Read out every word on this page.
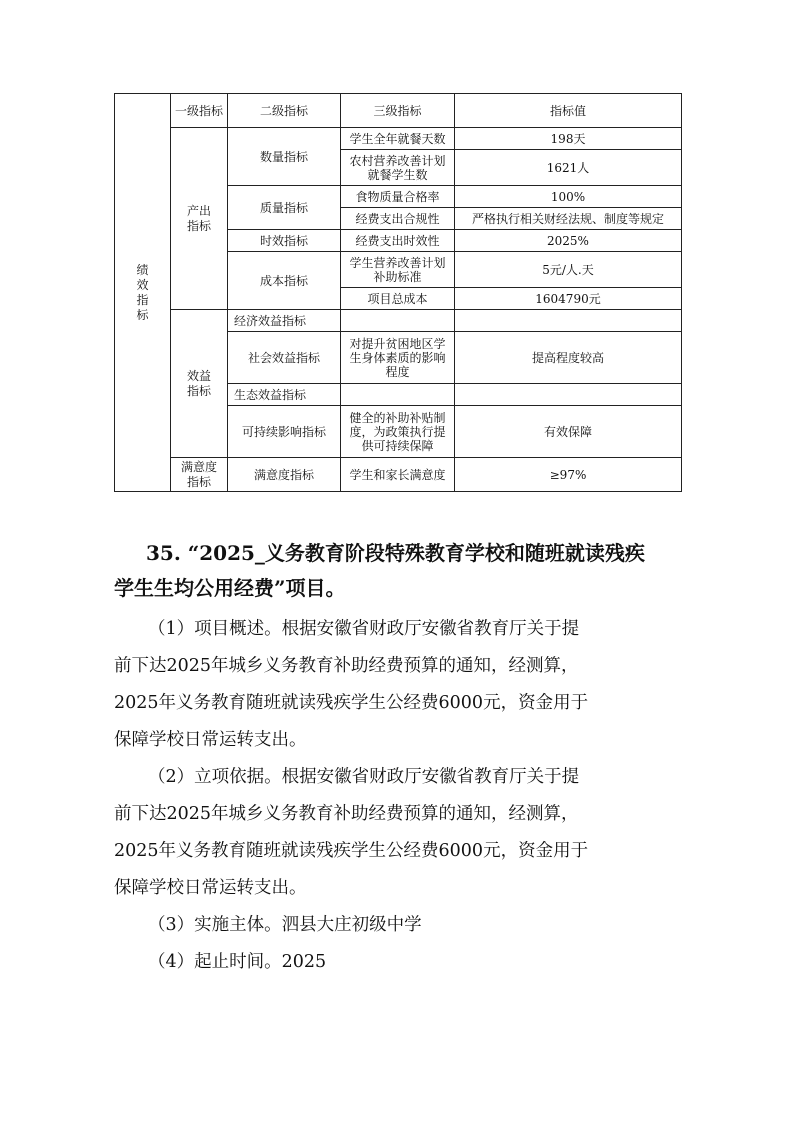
绩效指标	一级指标	二级指标	三级指标	指标值

	产出指标	数量指标	学生全年就餐天数	198天
			农村营养改善计划就餐学生数	1621人
		质量指标	食物质量合格率	100%
			经费支出合规性	严格执行相关财经法规、制度等规定
		时效指标	经费支出时效性	2025%
		成本指标	学生营养改善计划补助标准	5元/人.天
			项目总成本	1604790元

	效益指标	经济效益指标		
		社会效益指标	对提升贫困地区学生身体素质的影响程度	提高程度较高
		生态效益指标		
		可持续影响指标	健全的补助补贴制度，为政策执行提供可持续保障	有效保障

	满意度指标	满意度指标	学生和家长满意度	≥97%

35. “2025_义务教育阶段特殊教育学校和随班就读残疾

学生生均公用经费”项目。

（1）项目概述。根据安徽省财政厅安徽省教育厅关于提

前下达2025年城乡义务教育补助经费预算的通知，经测算，

2025年义务教育随班就读残疾学生公经费6000元，资金用于

保障学校日常运转支出。

（2）立项依据。根据安徽省财政厅安徽省教育厅关于提

前下达2025年城乡义务教育补助经费预算的通知，经测算，

2025年义务教育随班就读残疾学生公经费6000元，资金用于

保障学校日常运转支出。

（3）实施主体。泗县大庄初级中学

（4）起止时间。2025
